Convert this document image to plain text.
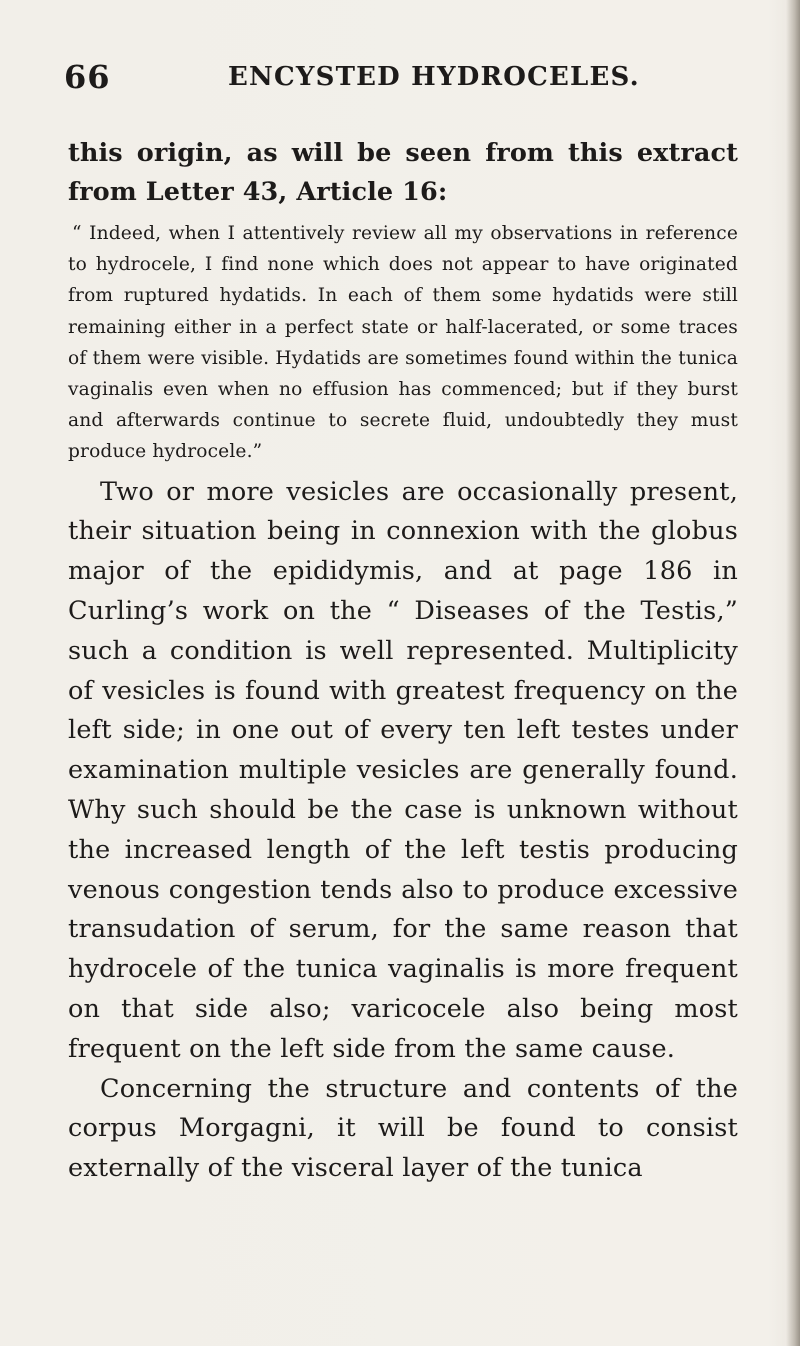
66	ENCYSTED HYDROCELES.

this origin, as will be seen from this extract from Letter 43, Article 16:

“ Indeed, when I attentively review all my observations in reference to hydrocele, I find none which does not appear to have originated from ruptured hydatids. In each of them some hydatids were still remaining either in a perfect state or half-lacerated, or some traces of them were visible. Hydatids are sometimes found within the tunica vaginalis even when no effusion has commenced; but if they burst and afterwards continue to secrete fluid, undoubtedly they must produce hydrocele.”

Two or more vesicles are occasionally present, their situation being in connexion with the globus major of the epididymis, and at page 186 in Curling’s work on the “ Diseases of the Testis,” such a condition is well represented. Multiplicity of vesicles is found with greatest frequency on the left side; in one out of every ten left testes under examination multiple vesicles are generally found. Why such should be the case is unknown without the increased length of the left testis producing venous congestion tends also to produce excessive transudation of serum, for the same reason that hydrocele of the tunica vaginalis is more frequent on that side also; varicocele also being most frequent on the left side from the same cause.

Concerning the structure and contents of the corpus Morgagni, it will be found to consist externally of the visceral layer of the tunica
